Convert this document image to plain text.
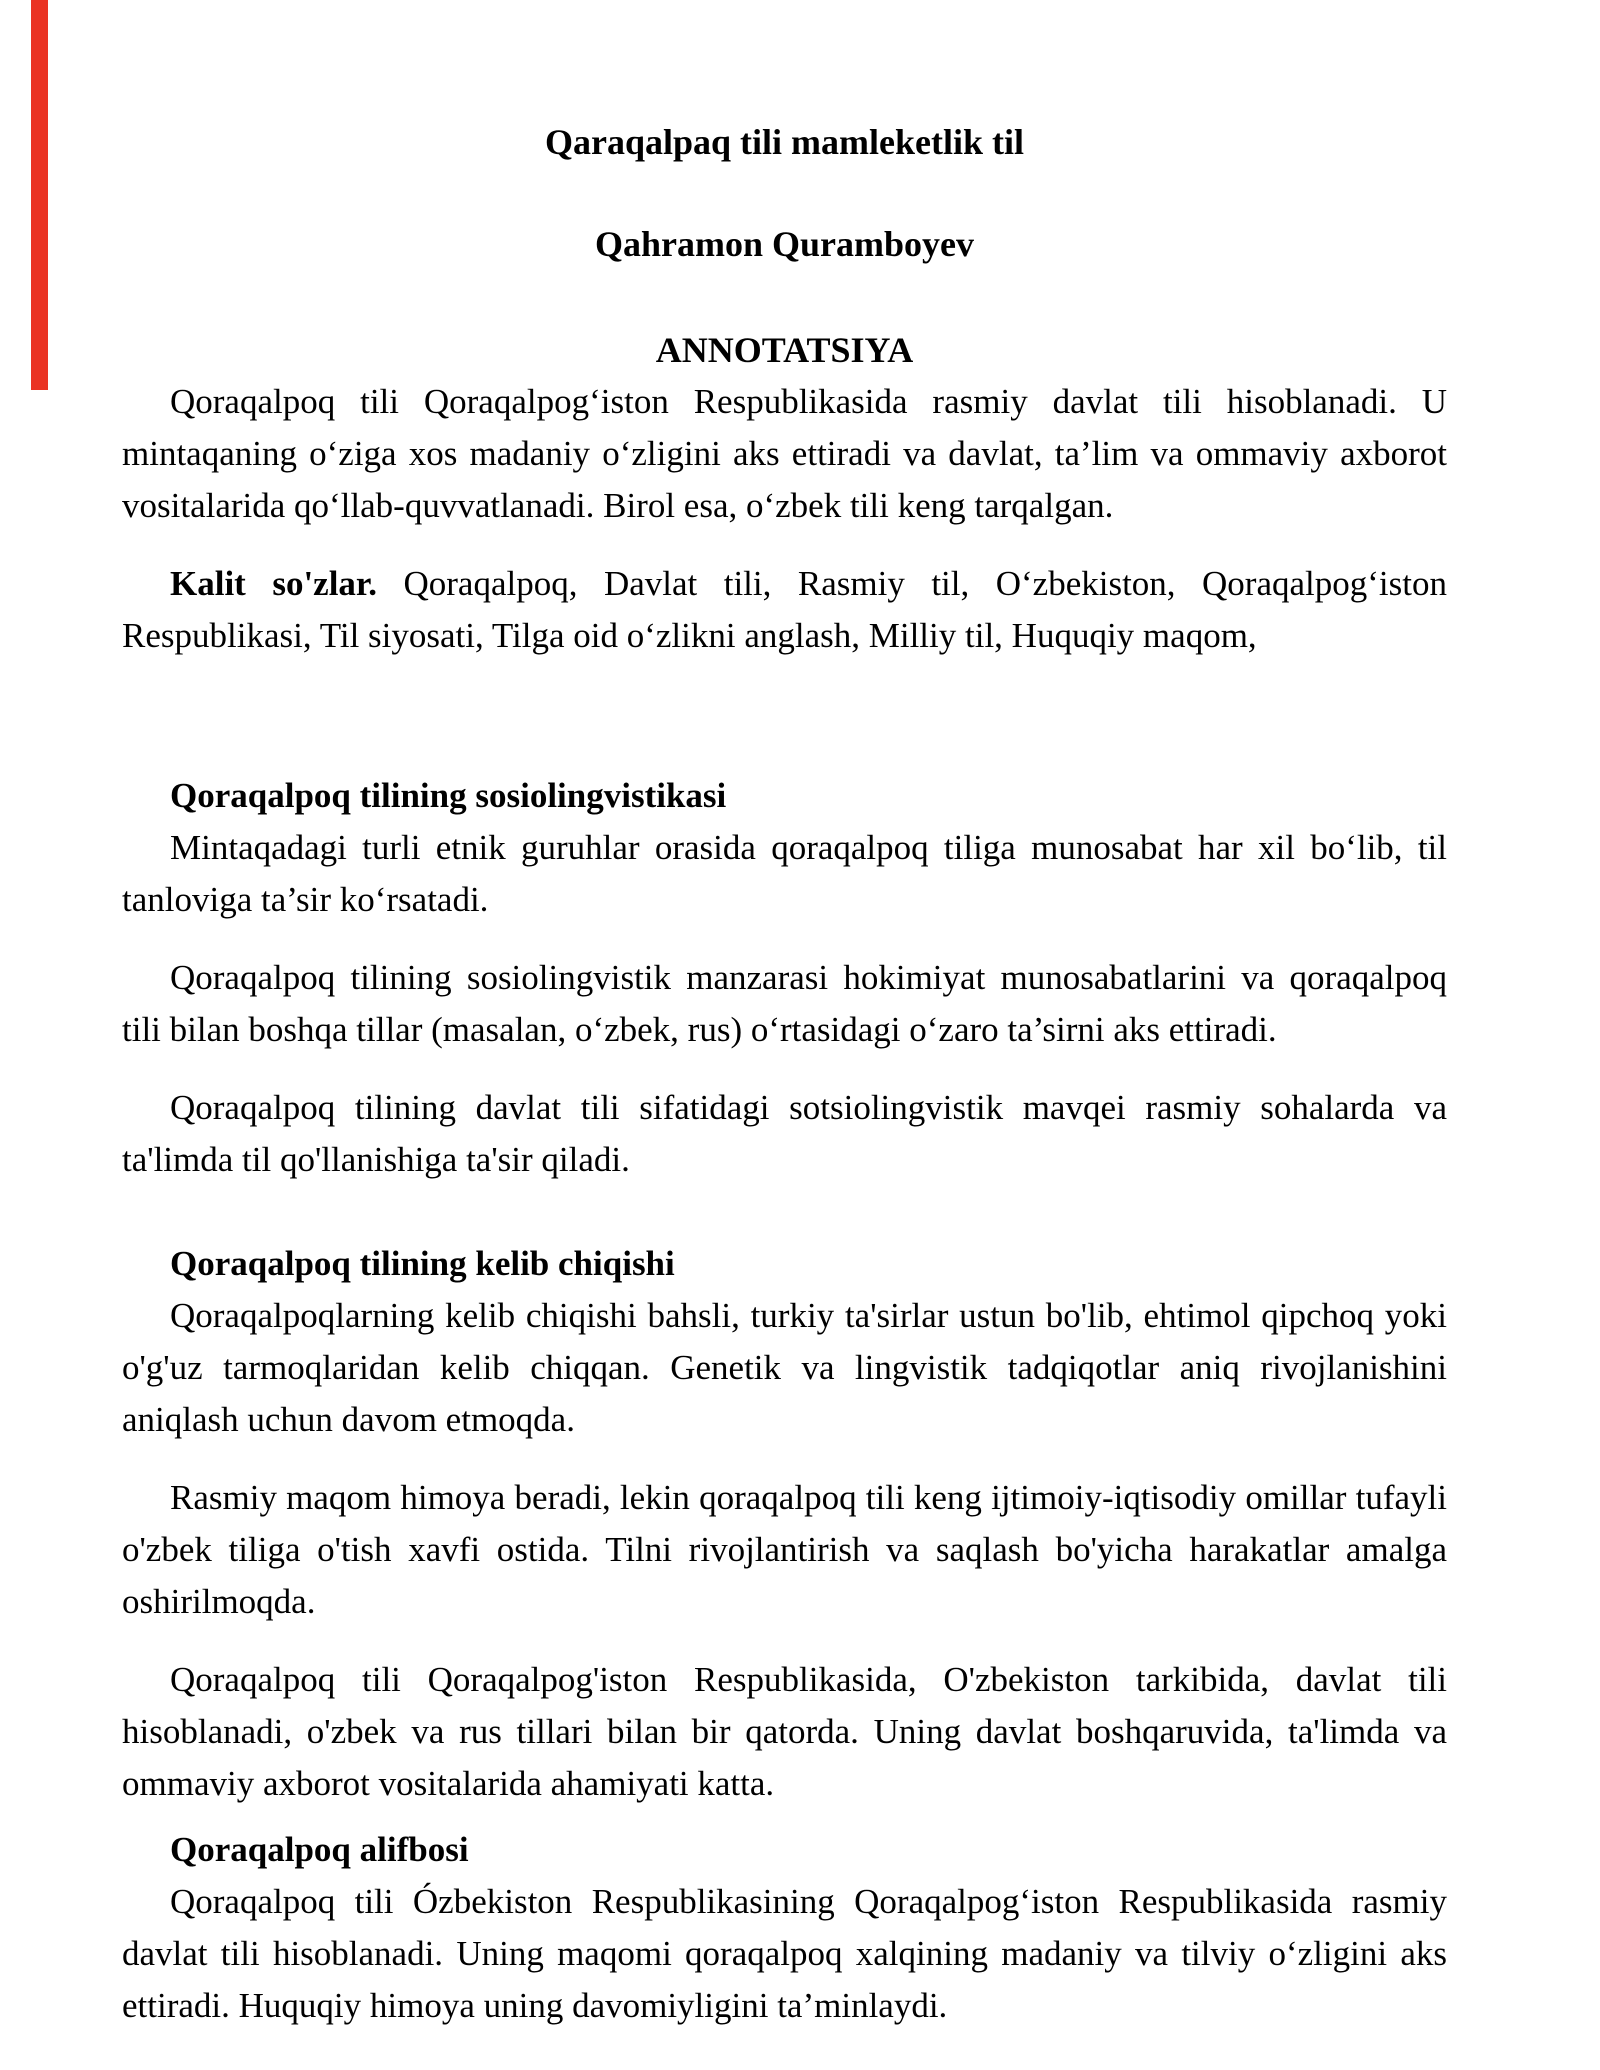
Qaraqalpaq tili mamleketlik til

Qahramon Quramboyev

ANNOTATSIYA

Qoraqalpoq tili Qoraqalpogʻiston Respublikasida rasmiy davlat tili hisoblanadi. U mintaqaning oʻziga xos madaniy oʻzligini aks ettiradi va davlat, ta’lim va ommaviy axborot vositalarida qoʻllab-quvvatlanadi. Birol esa, oʻzbek tili keng tarqalgan.

Kalit so'zlar. Qoraqalpoq, Davlat tili, Rasmiy til, Oʻzbekiston, Qoraqalpogʻiston Respublikasi, Til siyosati, Tilga oid oʻzlikni anglash, Milliy til, Huquqiy maqom,

Qoraqalpoq tilining sosiolingvistikasi

Mintaqadagi turli etnik guruhlar orasida qoraqalpoq tiliga munosabat har xil boʻlib, til tanloviga ta’sir koʻrsatadi.

Qoraqalpoq tilining sosiolingvistik manzarasi hokimiyat munosabatlarini va qoraqalpoq tili bilan boshqa tillar (masalan, oʻzbek, rus) oʻrtasidagi oʻzaro ta’sirni aks ettiradi.

Qoraqalpoq tilining davlat tili sifatidagi sotsiolingvistik mavqei rasmiy sohalarda va ta'limda til qo'llanishiga ta'sir qiladi.

Qoraqalpoq tilining kelib chiqishi

Qoraqalpoqlarning kelib chiqishi bahsli, turkiy ta'sirlar ustun bo'lib, ehtimol qipchoq yoki o'g'uz tarmoqlaridan kelib chiqqan. Genetik va lingvistik tadqiqotlar aniq rivojlanishini aniqlash uchun davom etmoqda.

Rasmiy maqom himoya beradi, lekin qoraqalpoq tili keng ijtimoiy-iqtisodiy omillar tufayli o'zbek tiliga o'tish xavfi ostida. Tilni rivojlantirish va saqlash bo'yicha harakatlar amalga oshirilmoqda.

Qoraqalpoq tili Qoraqalpog'iston Respublikasida, O'zbekiston tarkibida, davlat tili hisoblanadi, o'zbek va rus tillari bilan bir qatorda. Uning davlat boshqaruvida, ta'limda va ommaviy axborot vositalarida ahamiyati katta.

Qoraqalpoq alifbosi

Qoraqalpoq tili Ózbekiston Respublikasining Qoraqalpogʻiston Respublikasida rasmiy davlat tili hisoblanadi. Uning maqomi qoraqalpoq xalqining madaniy va tilviy oʻzligini aks ettiradi. Huquqiy himoya uning davomiyligini ta’minlaydi.
